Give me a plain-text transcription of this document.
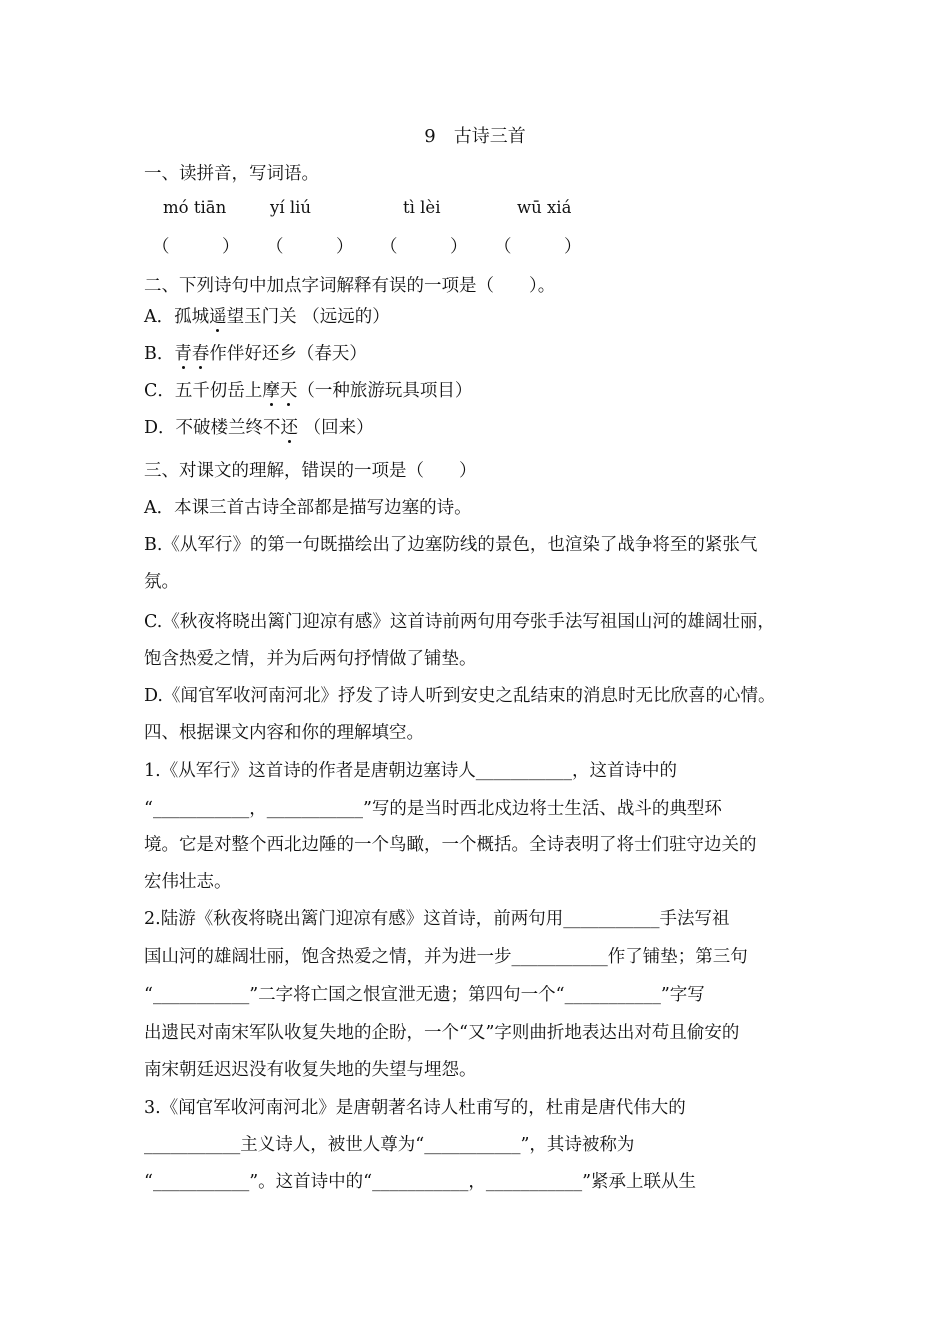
9　古诗三首
一、读拼音，写词语。
mó tiān	yí liú	tì lèi	wū xiá
（　　　） （　　　） （　　　） （　　　）
二、下列诗句中加点字词解释有误的一项是（　　）。
A．孤城遥望玉门关 （远远的）
B．青春作伴好还乡（春天）
C．五千仞岳上摩天（一种旅游玩具项目）
D．不破楼兰终不还 （回来）
三、对课文的理解，错误的一项是（　　）
A．本课三首古诗全部都是描写边塞的诗。
B.《从军行》的第一句既描绘出了边塞防线的景色，也渲染了战争将至的紧张气
氛。
C.《秋夜将晓出篱门迎凉有感》这首诗前两句用夸张手法写祖国山河的雄阔壮丽，
饱含热爱之情，并为后两句抒情做了铺垫。
D.《闻官军收河南河北》抒发了诗人听到安史之乱结束的消息时无比欣喜的心情。
四、根据课文内容和你的理解填空。
1.《从军行》这首诗的作者是唐朝边塞诗人___________，这首诗中的
“___________，___________”写的是当时西北戍边将士生活、战斗的典型环
境。它是对整个西北边陲的一个鸟瞰，一个概括。全诗表明了将士们驻守边关的
宏伟壮志。
2.陆游《秋夜将晓出篱门迎凉有感》这首诗，前两句用___________手法写祖
国山河的雄阔壮丽，饱含热爱之情，并为进一步___________作了铺垫；第三句
“___________”二字将亡国之恨宣泄无遗；第四句一个“___________”字写
出遗民对南宋军队收复失地的企盼，一个“又”字则曲折地表达出对苟且偷安的
南宋朝廷迟迟没有收复失地的失望与埋怨。
3.《闻官军收河南河北》是唐朝著名诗人杜甫写的，杜甫是唐代伟大的
___________主义诗人，被世人尊为“___________”，其诗被称为
“___________”。这首诗中的“___________，___________”紧承上联从生
